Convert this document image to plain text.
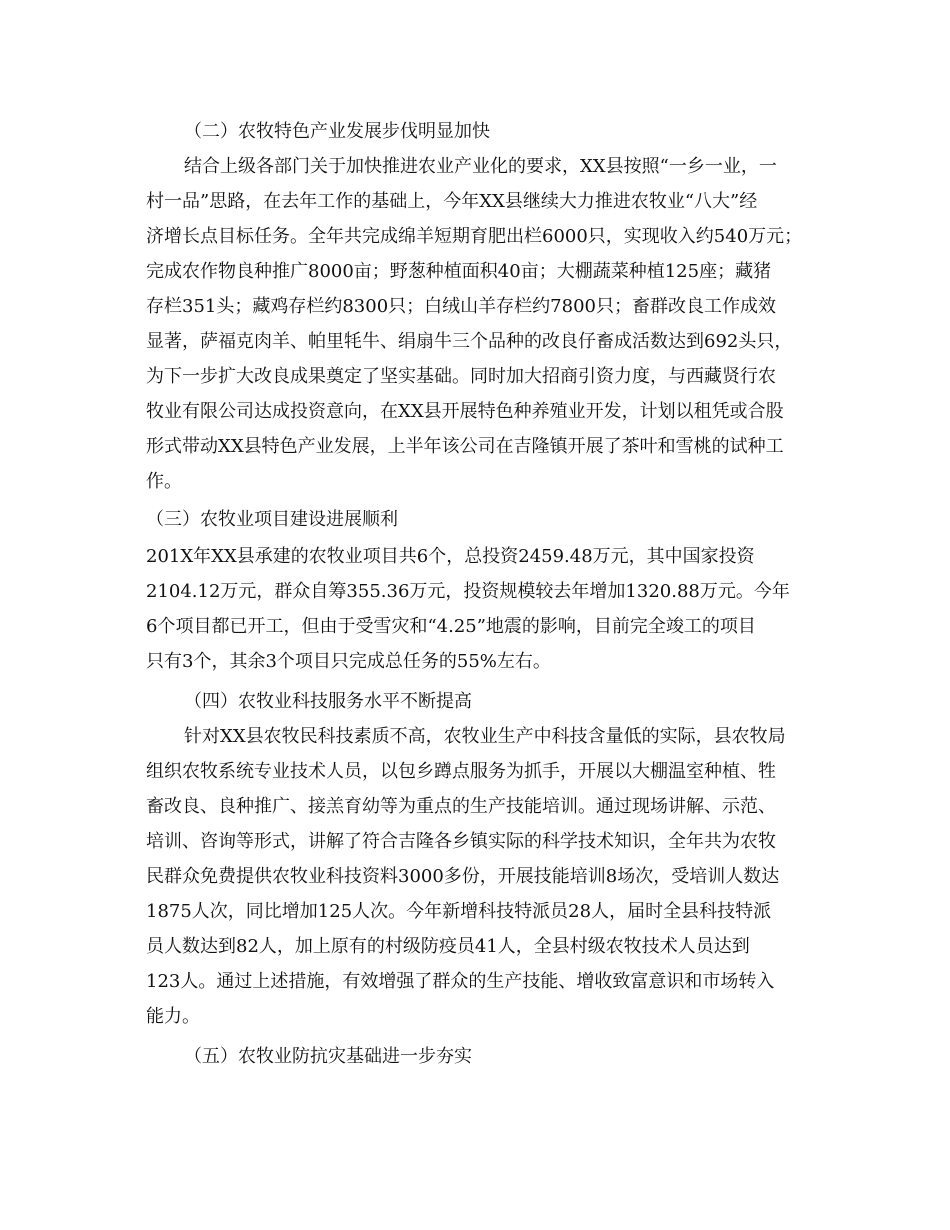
（二）农牧特色产业发展步伐明显加快
结合上级各部门关于加快推进农业产业化的要求，XX县按照“一乡一业，一
村一品”思路，在去年工作的基础上，今年XX县继续大力推进农牧业“八大”经
济增长点目标任务。全年共完成绵羊短期育肥出栏6000只，实现收入约540万元；
完成农作物良种推广8000亩；野葱种植面积40亩；大棚蔬菜种植125座；藏猪
存栏351头；藏鸡存栏约8300只；白绒山羊存栏约7800只；畜群改良工作成效
显著，萨福克肉羊、帕里牦牛、绢扇牛三个品种的改良仔畜成活数达到692头只，
为下一步扩大改良成果奠定了坚实基础。同时加大招商引资力度，与西藏贤行农
牧业有限公司达成投资意向，在XX县开展特色种养殖业开发，计划以租凭或合股
形式带动XX县特色产业发展，上半年该公司在吉隆镇开展了茶叶和雪桃的试种工
作。
（三）农牧业项目建设进展顺利
201X年XX县承建的农牧业项目共6个，总投资2459.48万元，其中国家投资
2104.12万元，群众自筹355.36万元，投资规模较去年增加1320.88万元。今年
6个项目都已开工，但由于受雪灾和“4.25”地震的影响，目前完全竣工的项目
只有3个，其余3个项目只完成总任务的55%左右。
（四）农牧业科技服务水平不断提高
针对XX县农牧民科技素质不高，农牧业生产中科技含量低的实际，县农牧局
组织农牧系统专业技术人员，以包乡蹲点服务为抓手，开展以大棚温室种植、牲
畜改良、良种推广、接羔育幼等为重点的生产技能培训。通过现场讲解、示范、
培训、咨询等形式，讲解了符合吉隆各乡镇实际的科学技术知识，全年共为农牧
民群众免费提供农牧业科技资料3000多份，开展技能培训8场次，受培训人数达
1875人次，同比增加125人次。今年新增科技特派员28人，届时全县科技特派
员人数达到82人，加上原有的村级防疫员41人，全县村级农牧技术人员达到
123人。通过上述措施，有效增强了群众的生产技能、增收致富意识和市场转入
能力。
（五）农牧业防抗灾基础进一步夯实
